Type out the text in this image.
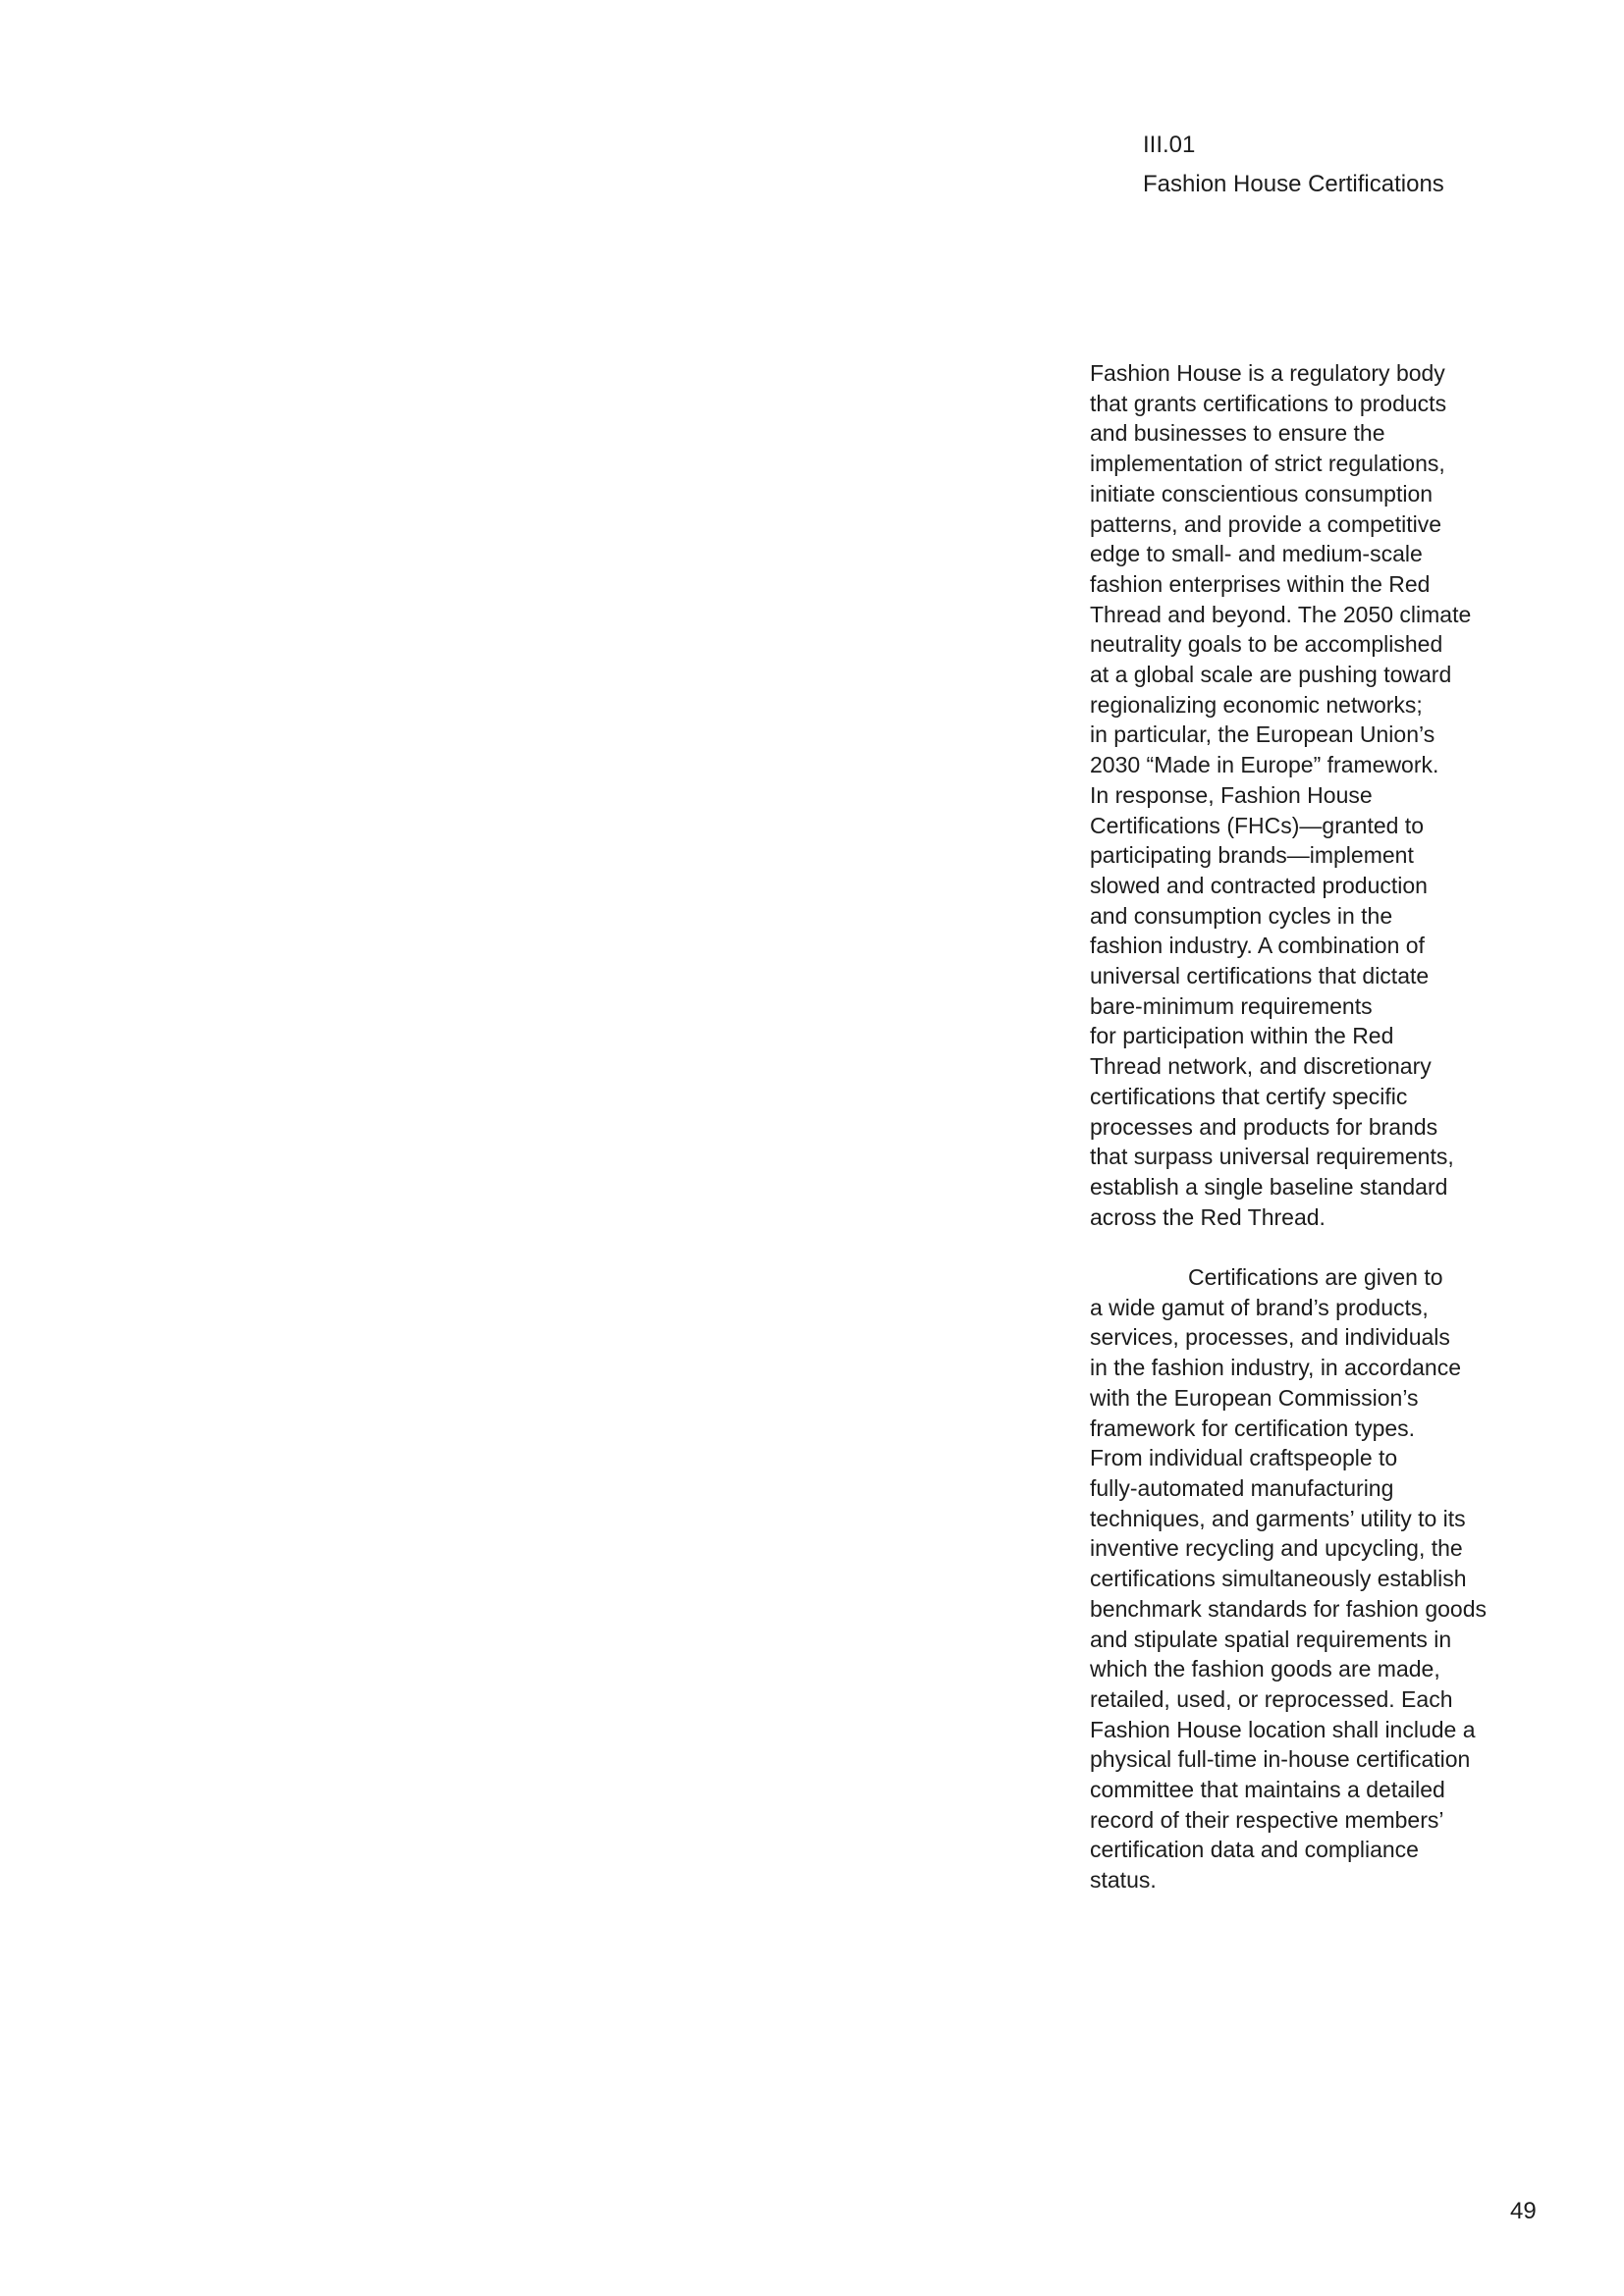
III.01
Fashion House Certifications

Fashion House is a regulatory body
that grants certifications to products
and businesses to ensure the
implementation of strict regulations,
initiate conscientious consumption
patterns, and provide a competitive
edge to small- and medium-scale
fashion enterprises within the Red
Thread and beyond. The 2050 climate
neutrality goals to be accomplished
at a global scale are pushing toward
regionalizing economic networks;
in particular, the European Union’s
2030 “Made in Europe” framework.
In response, Fashion House
Certifications (FHCs)—granted to
participating brands—implement
slowed and contracted production
and consumption cycles in the
fashion industry. A combination of
universal certifications that dictate
bare-minimum requirements
for participation within the Red
Thread network, and discretionary
certifications that certify specific
processes and products for brands
that surpass universal requirements,
establish a single baseline standard
across the Red Thread.

Certifications are given to
a wide gamut of brand’s products,
services, processes, and individuals
in the fashion industry, in accordance
with the European Commission’s
framework for certification types.
From individual craftspeople to
fully-automated manufacturing
techniques, and garments’ utility to its
inventive recycling and upcycling, the
certifications simultaneously establish
benchmark standards for fashion goods
and stipulate spatial requirements in
which the fashion goods are made,
retailed, used, or reprocessed. Each
Fashion House location shall include a
physical full-time in-house certification
committee that maintains a detailed
record of their respective members’
certification data and compliance
status.

49
